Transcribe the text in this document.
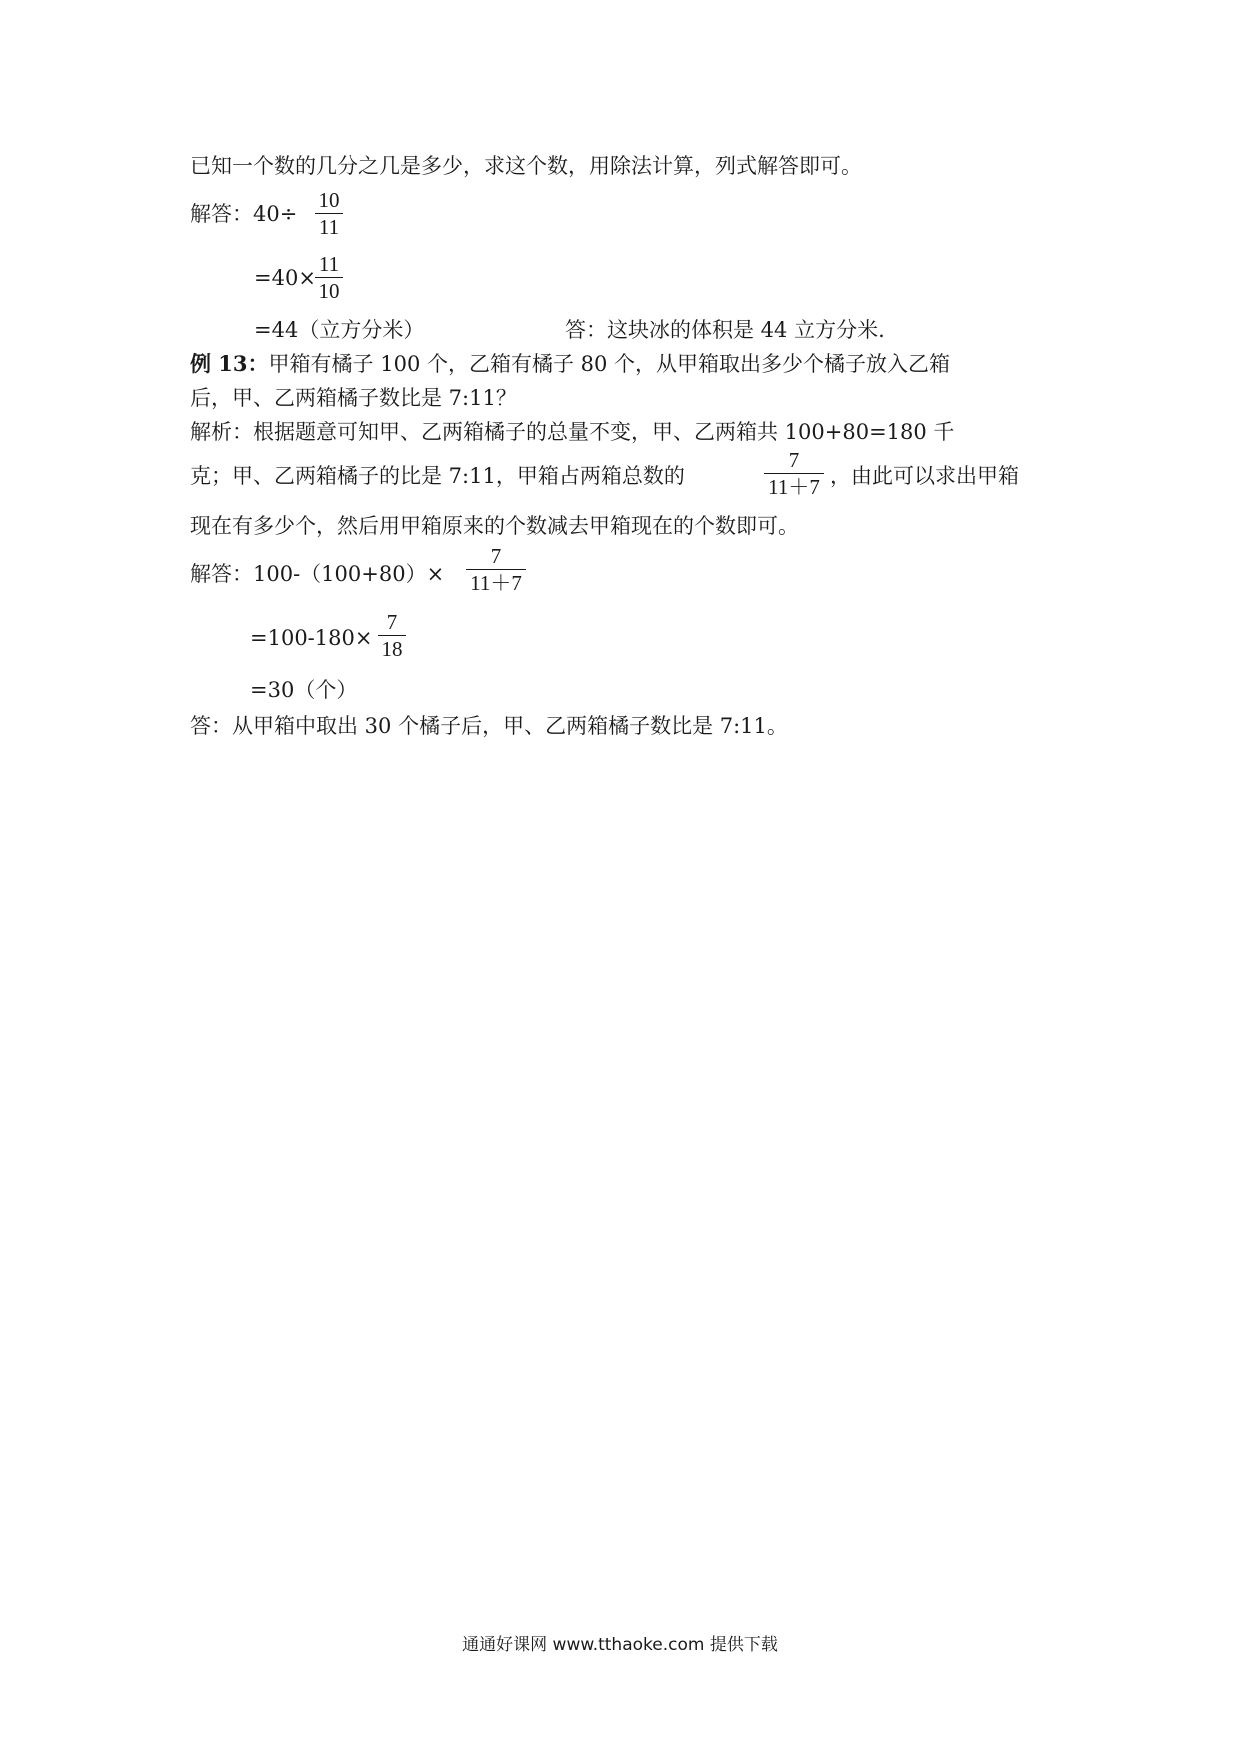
已知一个数的几分之几是多少，求这个数，用除法计算，列式解答即可。
解答：40÷
10
11
=40×
11
10
=44（立方分米）	答：这块冰的体积是 44 立方分米.
例 13：甲箱有橘子 100 个，乙箱有橘子 80 个，从甲箱取出多少个橘子放入乙箱
后，甲、乙两箱橘子数比是 7:11？
解析：根据题意可知甲、乙两箱橘子的总量不变，甲、乙两箱共 100+80=180 千
克；甲、乙两箱橘子的比是 7:11，甲箱占两箱总数的
7
11＋7 ，由此可以求出甲箱
现在有多少个，然后用甲箱原来的个数减去甲箱现在的个数即可。
解答：100-（100+80）×
7
11＋7
=100-180×
7
18
=30（个）
答：从甲箱中取出 30 个橘子后，甲、乙两箱橘子数比是 7:11。
通通好课网 www.tthaoke.com 提供下载
